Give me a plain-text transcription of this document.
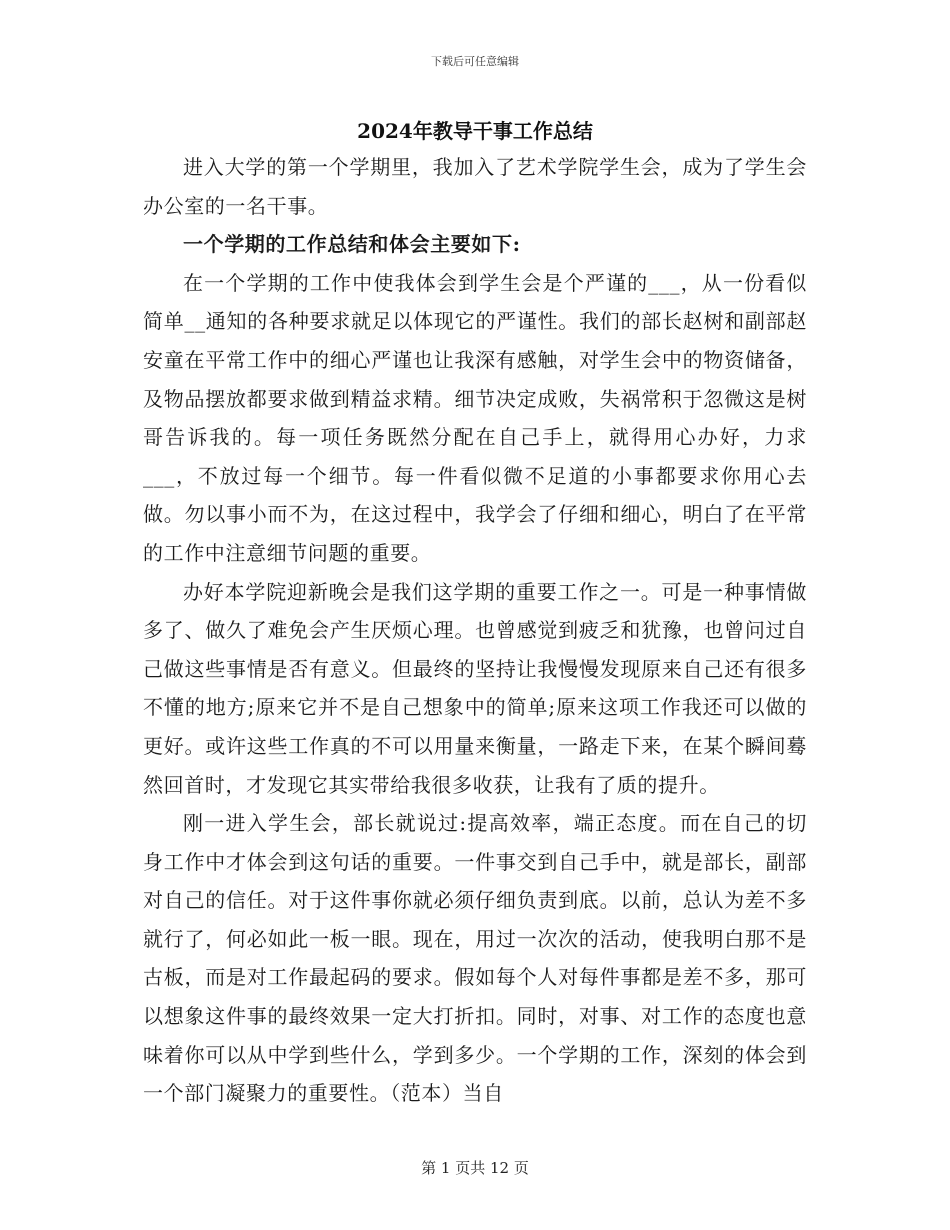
下载后可任意编辑
2024年教导干事工作总结

进入大学的第一个学期里，我加入了艺术学院学生会，成为了学生会办公室的一名干事。

一个学期的工作总结和体会主要如下:

在一个学期的工作中使我体会到学生会是个严谨的___，从一份看似简单__通知的各种要求就足以体现它的严谨性。我们的部长赵树和副部赵安童在平常工作中的细心严谨也让我深有感触，对学生会中的物资储备，及物品摆放都要求做到精益求精。细节决定成败，失祸常积于忽微这是树哥告诉我的。每一项任务既然分配在自己手上，就得用心办好，力求___，不放过每一个细节。每一件看似微不足道的小事都要求你用心去做。勿以事小而不为，在这过程中，我学会了仔细和细心，明白了在平常的工作中注意细节问题的重要。

办好本学院迎新晚会是我们这学期的重要工作之一。可是一种事情做多了、做久了难免会产生厌烦心理。也曾感觉到疲乏和犹豫，也曾问过自己做这些事情是否有意义。但最终的坚持让我慢慢发现原来自己还有很多不懂的地方;原来它并不是自己想象中的简单;原来这项工作我还可以做的更好。或许这些工作真的不可以用量来衡量，一路走下来，在某个瞬间蓦然回首时，才发现它其实带给我很多收获，让我有了质的提升。

刚一进入学生会，部长就说过:提高效率，端正态度。而在自己的切身工作中才体会到这句话的重要。一件事交到自己手中，就是部长，副部对自己的信任。对于这件事你就必须仔细负责到底。以前，总认为差不多就行了，何必如此一板一眼。现在，用过一次次的活动，使我明白那不是古板，而是对工作最起码的要求。假如每个人对每件事都是差不多，那可以想象这件事的最终效果一定大打折扣。同时，对事、对工作的态度也意味着你可以从中学到些什么，学到多少。一个学期的工作，深刻的体会到一个部门凝聚力的重要性。（范本）当自

第 1 页共 12 页
